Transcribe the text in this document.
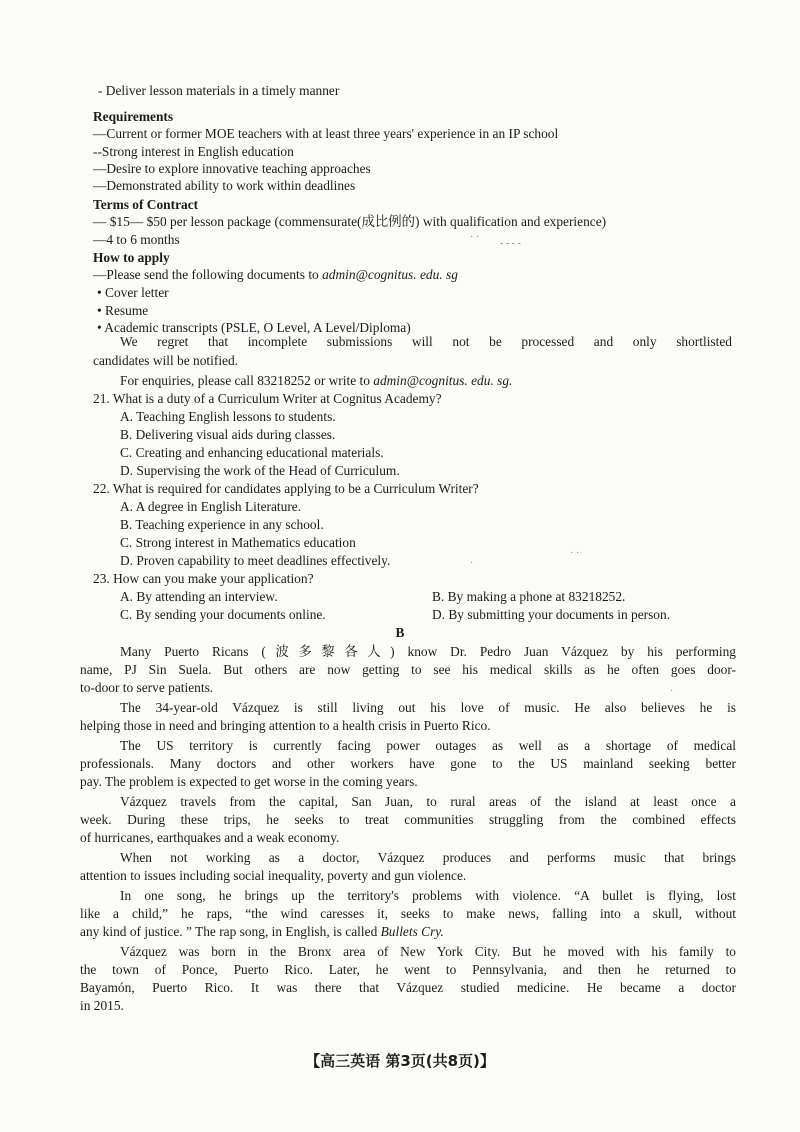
- Deliver lesson materials in a timely manner
Requirements
—Current or former MOE teachers with at least three years' experience in an IP school
--Strong interest in English education
—Desire to explore innovative teaching approaches
—Demonstrated ability to work within deadlines
Terms of Contract
— $15— $50 per lesson package (commensurate(成比例的) with qualification and experience)
—4 to 6 months
How to apply
—Please send the following documents to admin@cognitus. edu. sg
• Cover letter
• Resume
• Academic transcripts (PSLE, O Level, A Level/Diploma)
We regret that incomplete submissions will not be processed and only shortlisted
candidates will be notified.
For enquiries, please call 83218252 or write to admin@cognitus. edu. sg.
21. What is a duty of a Curriculum Writer at Cognitus Academy?
A. Teaching English lessons to students.
B. Delivering visual aids during classes.
C. Creating and enhancing educational materials.
D. Supervising the work of the Head of Curriculum.
22. What is required for candidates applying to be a Curriculum Writer?
A. A degree in English Literature.
B. Teaching experience in any school.
C. Strong interest in Mathematics education
D. Proven capability to meet deadlines effectively.
23. How can you make your application?
A. By attending an interview.	B. By making a phone at 83218252.
C. By sending your documents online.	D. By submitting your documents in person.
B
Many Puerto Ricans (波多黎各人) know Dr. Pedro Juan Vázquez by his performing
name, PJ Sin Suela. But others are now getting to see his medical skills as he often goes door-
to-door to serve patients.
The 34-year-old Vázquez is still living out his love of music. He also believes he is
helping those in need and bringing attention to a health crisis in Puerto Rico.
The US territory is currently facing power outages as well as a shortage of medical
professionals. Many doctors and other workers have gone to the US mainland seeking better
pay. The problem is expected to get worse in the coming years.
Vázquez travels from the capital, San Juan, to rural areas of the island at least once a
week. During these trips, he seeks to treat communities struggling from the combined effects
of hurricanes, earthquakes and a weak economy.
When not working as a doctor, Vázquez produces and performs music that brings
attention to issues including social inequality, poverty and gun violence.
In one song, he brings up the territory's problems with violence. “A bullet is flying, lost
like a child,” he raps, “the wind caresses it, seeks to make news, falling into a skull, without
any kind of justice. ” The rap song, in English, is called Bullets Cry.
Vázquez was born in the Bronx area of New York City. But he moved with his family to
the town of Ponce, Puerto Rico. Later, he went to Pennsylvania, and then he returned to
Bayamón, Puerto Rico. It was there that Vázquez studied medicine. He became a doctor
in 2015.
· ·
‐ ‐ ‐ ‐
·
· ·
·
【高三英语 第3页(共8页)】
